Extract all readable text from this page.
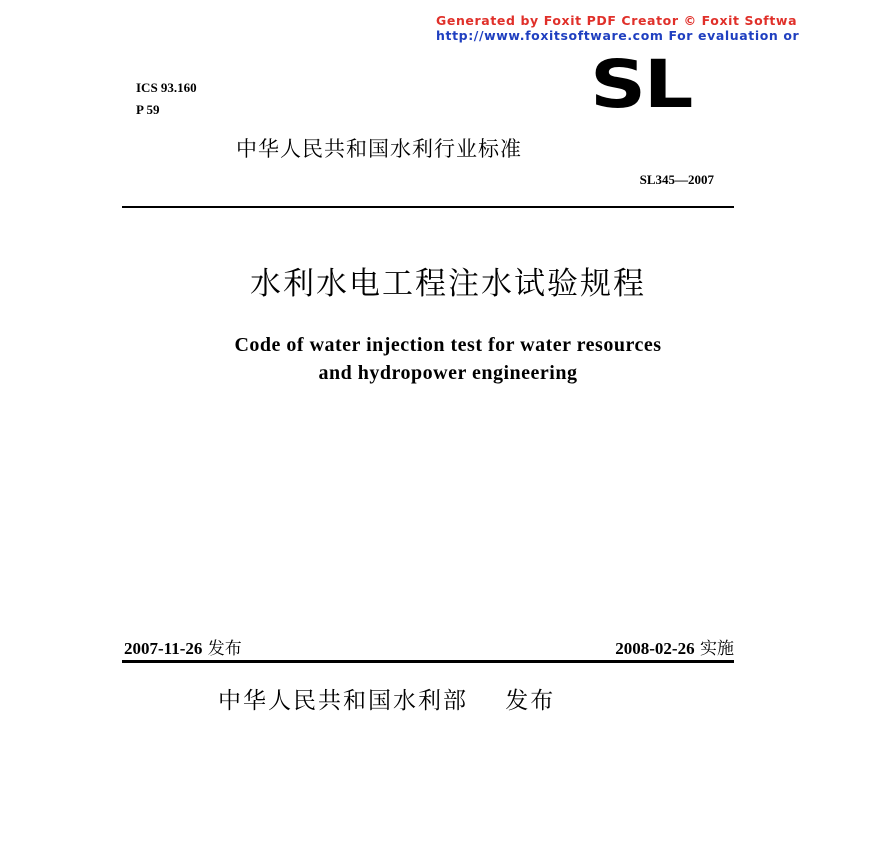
Generated by Foxit PDF Creator © Foxit Softwa
http://www.foxitsoftware.com For evaluation or
ICS 93.160
P 59	SL
中华人民共和国水利行业标准
SL345—2007
水利水电工程注水试验规程
Code of water injection test for water resources
and hydropower engineering
2007-11-26 发布	2008-02-26 实施
中华人民共和国水利部 发布
